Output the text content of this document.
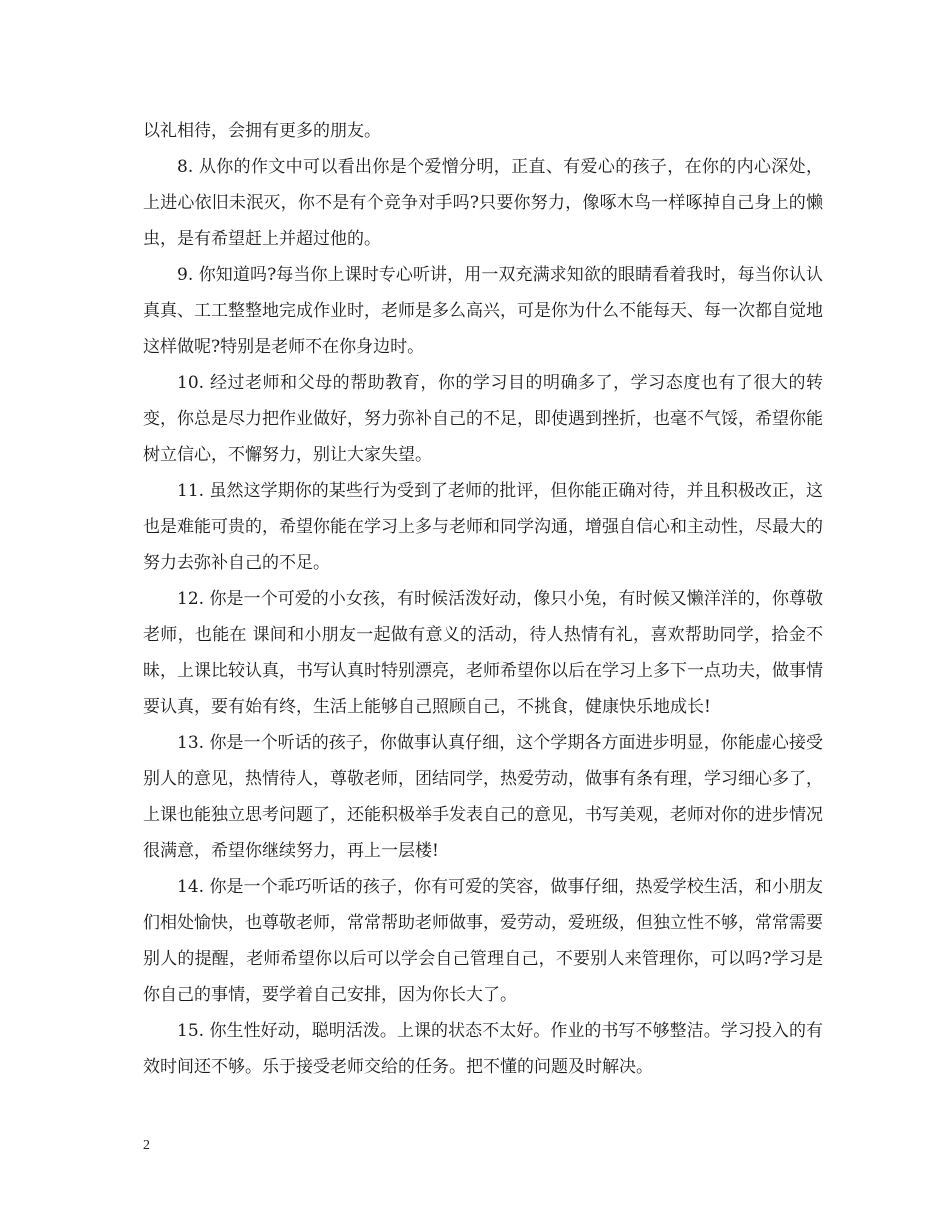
以礼相待，会拥有更多的朋友。

8. 从你的作文中可以看出你是个爱憎分明，正直、有爱心的孩子，在你的内心深处，上进心依旧未泯灭，你不是有个竞争对手吗?只要你努力，像啄木鸟一样啄掉自己身上的懒虫，是有希望赶上并超过他的。

9. 你知道吗?每当你上课时专心听讲，用一双充满求知欲的眼睛看着我时，每当你认认真真、工工整整地完成作业时，老师是多么高兴，可是你为什么不能每天、每一次都自觉地这样做呢?特别是老师不在你身边时。

10. 经过老师和父母的帮助教育，你的学习目的明确多了，学习态度也有了很大的转变，你总是尽力把作业做好，努力弥补自己的不足，即使遇到挫折，也毫不气馁，希望你能树立信心，不懈努力，别让大家失望。

11. 虽然这学期你的某些行为受到了老师的批评，但你能正确对待，并且积极改正，这也是难能可贵的，希望你能在学习上多与老师和同学沟通，增强自信心和主动性，尽最大的努力去弥补自己的不足。

12. 你是一个可爱的小女孩，有时候活泼好动，像只小兔，有时候又懒洋洋的，你尊敬老师，也能在 课间和小朋友一起做有意义的活动，待人热情有礼，喜欢帮助同学，拾金不昧，上课比较认真，书写认真时特别漂亮，老师希望你以后在学习上多下一点功夫，做事情要认真，要有始有终，生活上能够自己照顾自己，不挑食，健康快乐地成长!

13. 你是一个听话的孩子，你做事认真仔细，这个学期各方面进步明显，你能虚心接受别人的意见，热情待人，尊敬老师，团结同学，热爱劳动，做事有条有理，学习细心多了，上课也能独立思考问题了，还能积极举手发表自己的意见，书写美观，老师对你的进步情况很满意，希望你继续努力，再上一层楼!

14. 你是一个乖巧听话的孩子，你有可爱的笑容，做事仔细，热爱学校生活，和小朋友们相处愉快，也尊敬老师，常常帮助老师做事，爱劳动，爱班级，但独立性不够，常常需要别人的提醒，老师希望你以后可以学会自己管理自己，不要别人来管理你，可以吗?学习是你自己的事情，要学着自己安排，因为你长大了。

15. 你生性好动，聪明活泼。上课的状态不太好。作业的书写不够整洁。学习投入的有效时间还不够。乐于接受老师交给的任务。把不懂的问题及时解决。

2
